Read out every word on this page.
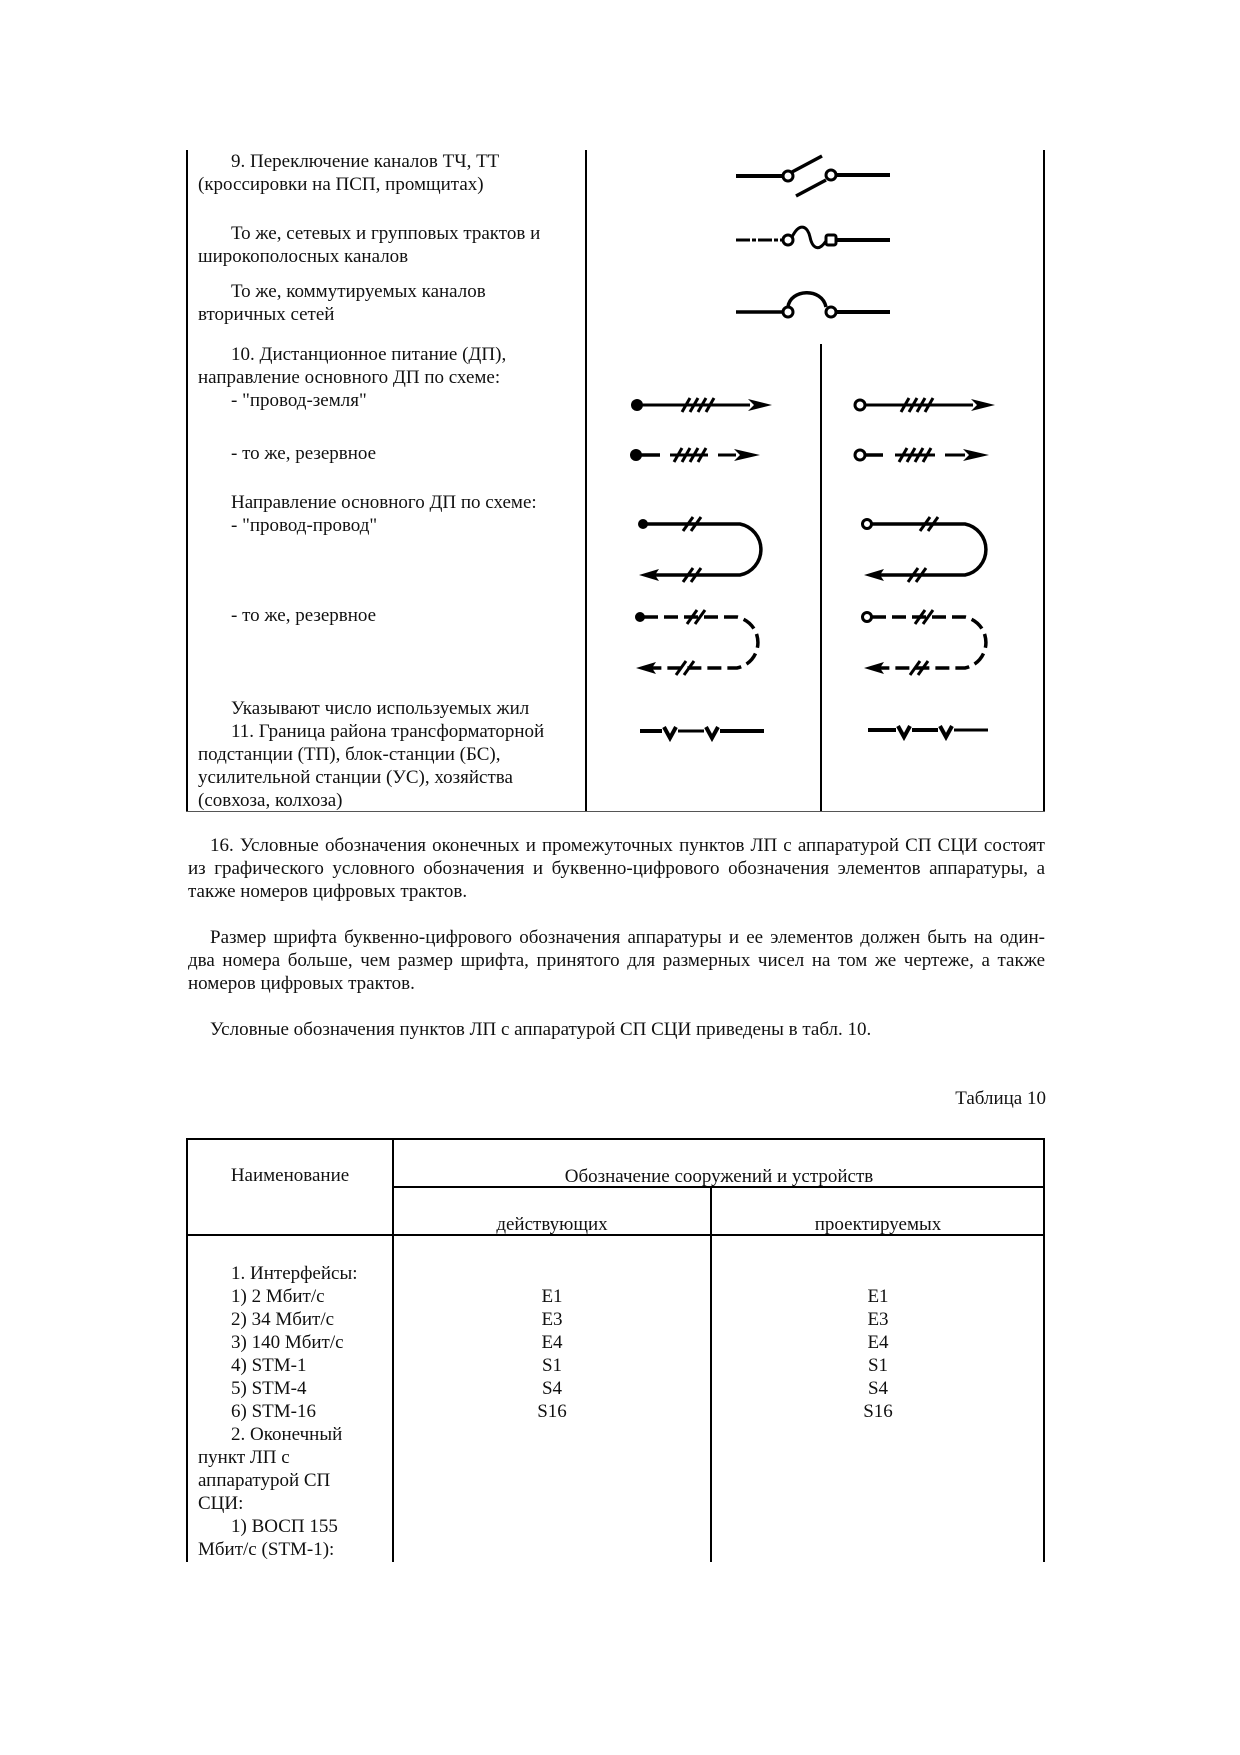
9. Переключение каналов ТЧ, ТТ
(кроссировки на ПСП, промщитах)
То же, сетевых и групповых трактов и
широкополосных каналов
То же, коммутируемых каналов
вторичных сетей
10. Дистанционное питание (ДП),
направление основного ДП по схеме:
- "провод-земля"
- то же, резервное
Направление основного ДП по схеме:
- "провод-провод"
- то же, резервное
Указывают число используемых жил
11. Граница района трансформаторной
подстанции (ТП), блок-станции (БС),
усилительной станции (УС), хозяйства
(совхоза, колхоза)
16. Условные обозначения оконечных и промежуточных пунктов ЛП с аппаратурой СП СЦИ состоят из графического условного обозначения и буквенно-цифрового обозначения элементов аппаратуры, а также номеров цифровых трактов.
Размер шрифта буквенно-цифрового обозначения аппаратуры и ее элементов должен быть на один-два номера больше, чем размер шрифта, принятого для размерных чисел на том же чертеже, а также номеров цифровых трактов.
Условные обозначения пунктов ЛП с аппаратурой СП СЦИ приведены в табл. 10.
Таблица 10
Наименование	Обозначение сооружений и устройств
действующих	проектируемых
1. Интерфейсы:
1) 2 Мбит/с
2) 34 Мбит/с
3) 140 Мбит/с
4) STM-1
5) STM-4
6) STM-16
2. Оконечный
пункт ЛП с
аппаратурой СП
СЦИ:
1) ВОСП 155
Мбит/с (STM-1):
E1
E3
E4
S1
S4
S16
E1
E3
E4
S1
S4
S16
